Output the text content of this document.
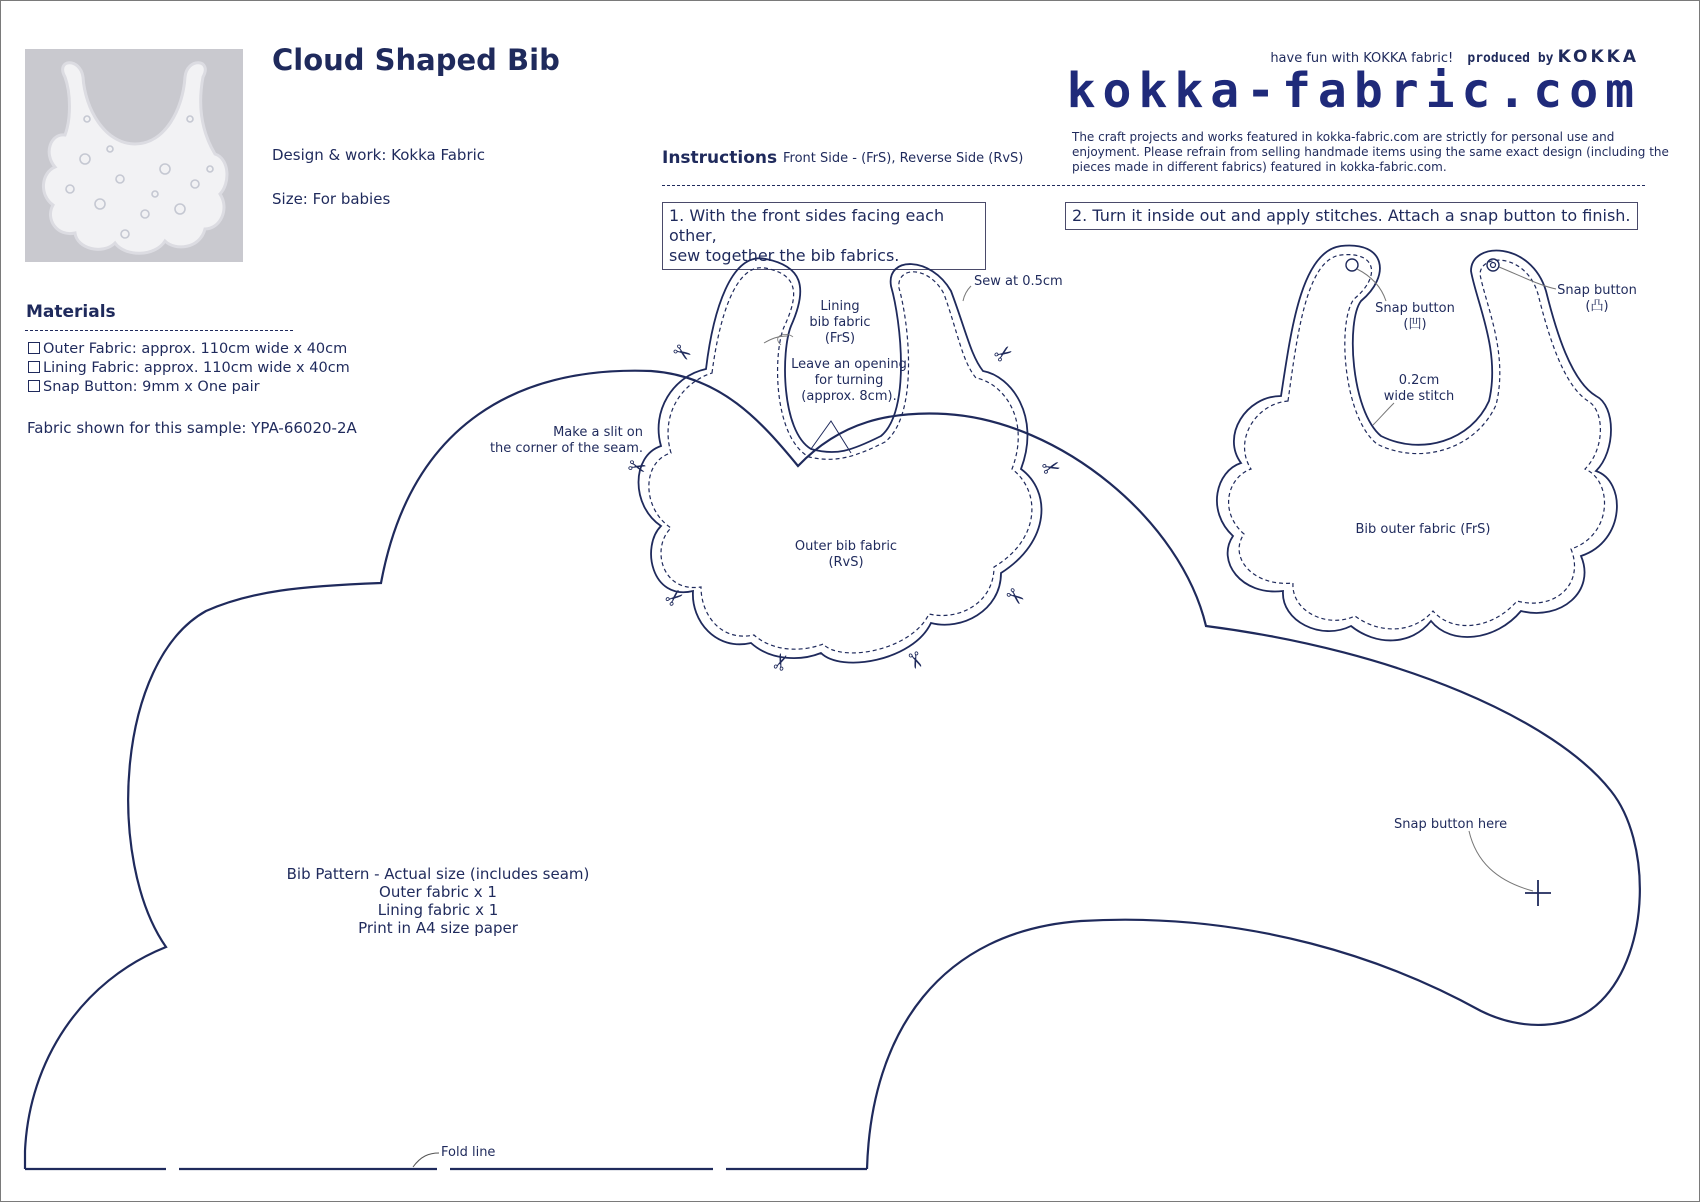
Cloud Shaped Bib
Design & work: Kokka Fabric
Size: For babies
have fun with KOKKA fabric! produced by KOKKA
kokka-fabric.com
The craft projects and works featured in kokka-fabric.com are strictly for personal use and enjoyment. Please refrain from selling handmade items using the same exact design (including the pieces made in different fabrics) featured in kokka-fabric.com.
Materials
Outer Fabric: approx. 110cm wide x 40cm
Lining Fabric: approx. 110cm wide x 40cm
Snap Button: 9mm x One pair
Fabric shown for this sample: YPA-66020-2A
Instructions Front Side - (FrS), Reverse Side (RvS)
1. With the front sides facing each other,
sew together the bib fabrics.
2. Turn it inside out and apply stitches. Attach a snap button to finish.
✂	✂
✂	✂
✂	✂
✂	✂
Lining
bib fabric
(FrS)
Sew at 0.5cm
Leave an opening
for turning
(approx. 8cm).
Make a slit on
the corner of the seam.
Outer bib fabric
(RvS)
Snap button
(凹)
Snap button
(凸)
0.2cm
wide stitch
Bib outer fabric (FrS)
Bib Pattern - Actual size (includes seam)
Outer fabric x 1
Lining fabric x 1
Print in A4 size paper
Snap button here
Fold line
